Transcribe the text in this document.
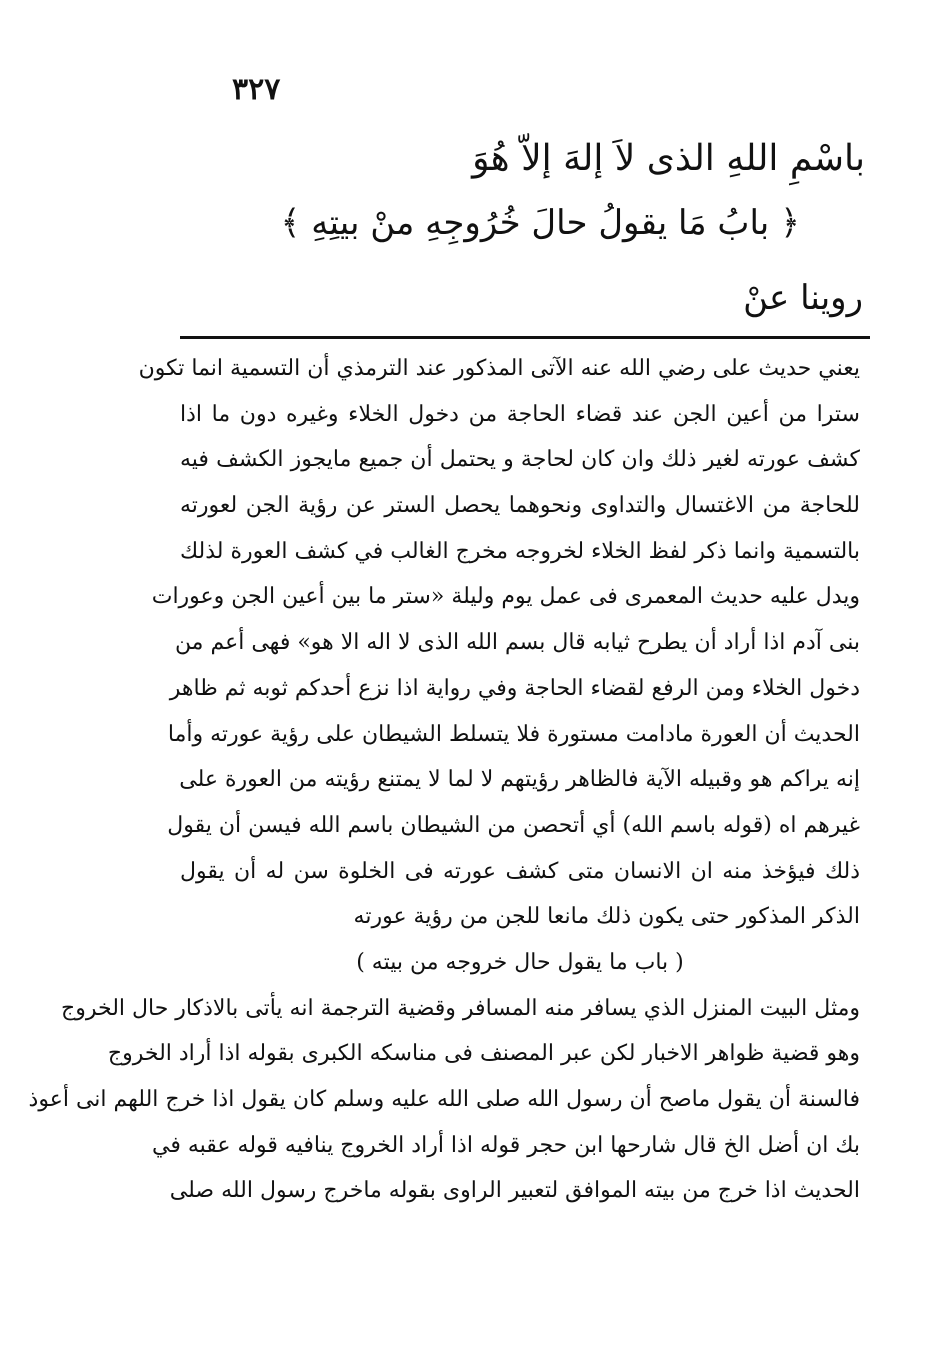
٣٢٧
باسْمِ اللهِ الذى لاَ إلهَ إلاّ هُوَ
﴿ بابُ مَا يقولُ حالَ خُرُوجِهِ منْ بيتِهِ ﴾
روينا عنْ
يعني حديث على رضي الله عنه الآتى المذكور عند الترمذي أن التسمية انما تكون
سترا من أعين الجن عند قضاء الحاجة من دخول الخلاء وغيره دون ما اذا
كشف عورته لغير ذلك وان كان لحاجة و يحتمل أن جميع مايجوز الكشف فيه
للحاجة من الاغتسال والتداوى ونحوهما يحصل الستر عن رؤية الجن لعورته
بالتسمية وانما ذكر لفظ الخلاء لخروجه مخرج الغالب في كشف العورة لذلك
ويدل عليه حديث المعمرى فى عمل يوم وليلة «ستر ما بين أعين الجن وعورات
بنى آدم اذا أراد أن يطرح ثيابه قال بسم الله الذى لا اله الا هو» فهى أعم من
دخول الخلاء ومن الرفع لقضاء الحاجة وفي رواية اذا نزع أحدكم ثوبه ثم ظاهر
الحديث أن العورة مادامت مستورة فلا يتسلط الشيطان على رؤية عورته وأما
إنه يراكم هو وقبيله الآية فالظاهر رؤيتهم لا لما لا يمتنع رؤيته من العورة على
غيرهم اه (قوله باسم الله) أي أتحصن من الشيطان باسم الله فيسن أن يقول
ذلك فيؤخذ منه ان الانسان متى كشف عورته فى الخلوة سن له أن يقول
الذكر المذكور حتى يكون ذلك مانعا للجن من رؤية عورته
( باب ما يقول حال خروجه من بيته )
ومثل البيت المنزل الذي يسافر منه المسافر وقضية الترجمة انه يأتى بالاذكار حال الخروج
وهو قضية ظواهر الاخبار لكن عبر المصنف فى مناسكه الكبرى بقوله اذا أراد الخروج
فالسنة أن يقول ماصح أن رسول الله صلى الله عليه وسلم كان يقول اذا خرج اللهم انى أعوذ
بك ان أضل الخ قال شارحها ابن حجر قوله اذا أراد الخروج ينافيه قوله عقبه في
الحديث اذا خرج من بيته الموافق لتعبير الراوى بقوله ماخرج رسول الله صلى
